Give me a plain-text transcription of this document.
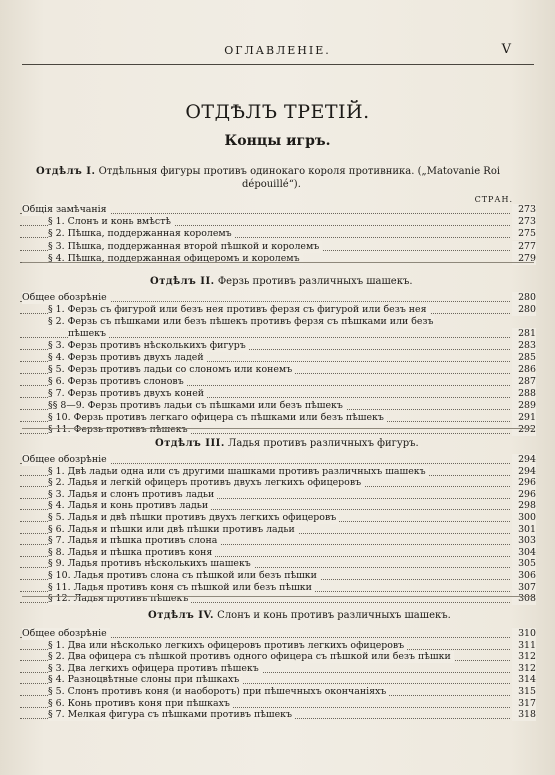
ОГЛАВЛЕНІЕ.	V
ОТДѢЛЪ ТРЕТІЙ.
Концы игръ.
Отдѣлъ I. Отдѣльныя фигуры противъ одинокаго короля противника. („Matovanie Roi
dépouillé“).
СТРАН.
Общія замѣчанія	273
§ 1. Слонъ и конь вмѣстѣ	273
§ 2. Пѣшка, поддержанная королемъ	275
§ 3. Пѣшка, поддержанная второй пѣшкой и королемъ	277
§ 4. Пѣшка, поддержанная офицеромъ и королемъ	279
Отдѣлъ II. Ферзь противъ различныхъ шашекъ.
Общее обозрѣніе	280
§ 1. Ферзь съ фигурой или безъ нея противъ ферзя съ фигурой или безъ нея	280
§ 2. Ферзь съ пѣшками или безъ пѣшекъ противъ ферзя съ пѣшками или безъ
пѣшекъ	281
§ 3. Ферзь противъ нѣсколькихъ фигуръ	283
§ 4. Ферзь противъ двухъ ладей	285
§ 5. Ферзь противъ ладьи со слономъ или конемъ	286
§ 6. Ферзь противъ слоновъ	287
§ 7. Ферзь противъ двухъ коней	288
§§ 8—9. Ферзь противъ ладьи съ пѣшками или безъ пѣшекъ	289
§ 10. Ферзь противъ легкаго офицера съ пѣшками или безъ пѣшекъ	291
§ 11. Ферзь противъ пѣшекъ	292
Отдѣлъ III. Ладья противъ различныхъ фигуръ.
Общее обозрѣніе	294
§ 1. Двѣ ладьи одна или съ другими шашками противъ различныхъ шашекъ	294
§ 2. Ладья и легкій офицеръ противъ двухъ легкихъ офицеровъ	296
§ 3. Ладья и слонъ противъ ладьи	296
§ 4. Ладья и конь противъ ладьи	298
§ 5. Ладья и двѣ пѣшки противъ двухъ легкихъ офицеровъ	300
§ 6. Ладья и пѣшки или двѣ пѣшки противъ ладьи	301
§ 7. Ладья и пѣшка противъ слона	303
§ 8. Ладья и пѣшка противъ коня	304
§ 9. Ладья противъ нѣсколькихъ шашекъ	305
§ 10. Ладья противъ слона съ пѣшкой или безъ пѣшки	306
§ 11. Ладья противъ коня съ пѣшкой или безъ пѣшки	307
§ 12. Ладья противъ пѣшекъ	308
Отдѣлъ IV. Слонъ и конь противъ различныхъ шашекъ.
Общее обозрѣніе	310
§ 1. Два или нѣсколько легкихъ офицеровъ противъ легкихъ офицеровъ	311
§ 2. Два офицера съ пѣшкой противъ одного офицера съ пѣшкой или безъ пѣшки	312
§ 3. Два легкихъ офицера противъ пѣшекъ	312
§ 4. Разноцвѣтные слоны при пѣшкахъ	314
§ 5. Слонъ противъ коня (и наоборотъ) при пѣшечныхъ окончаніяхъ	315
§ 6. Конь противъ коня при пѣшкахъ	317
§ 7. Мелкая фигура съ пѣшками противъ пѣшекъ	318
